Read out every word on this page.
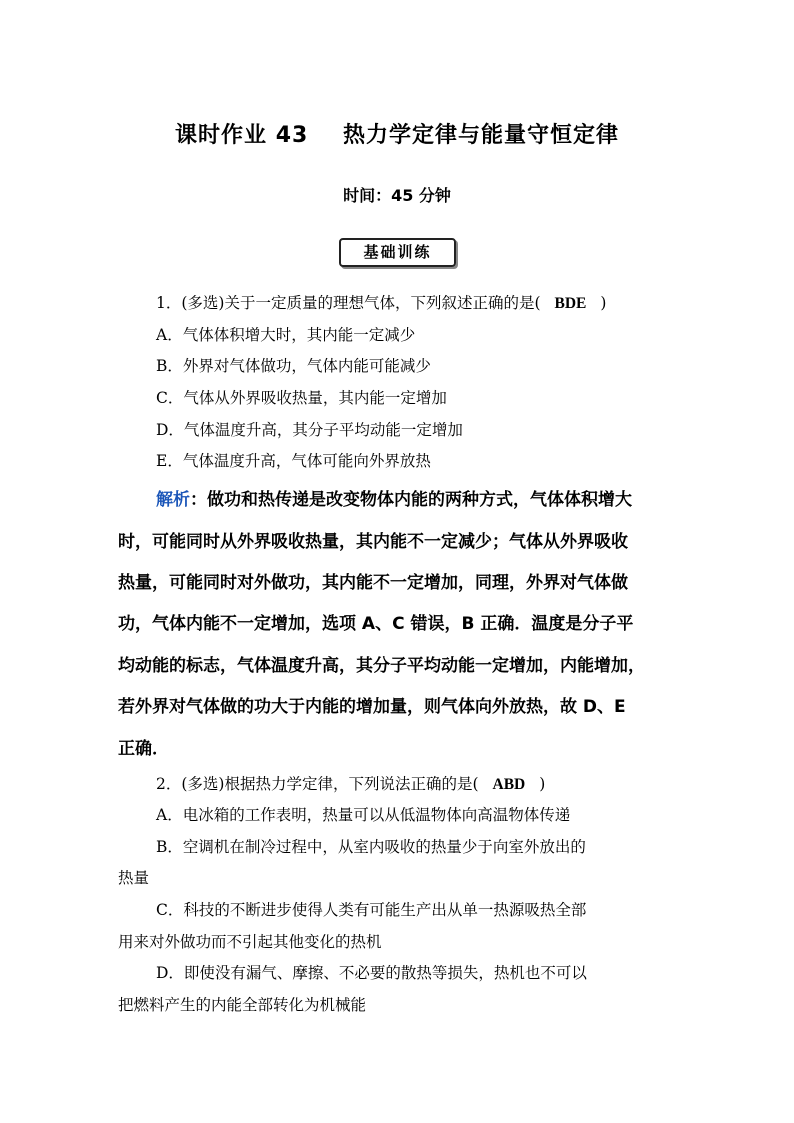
课时作业 43    热力学定律与能量守恒定律
时间：45 分钟
基础训练
1．(多选)关于一定质量的理想气体，下列叙述正确的是( BDE )
A．气体体积增大时，其内能一定减少
B．外界对气体做功，气体内能可能减少
C．气体从外界吸收热量，其内能一定增加
D．气体温度升高，其分子平均动能一定增加
E．气体温度升高，气体可能向外界放热
解析：做功和热传递是改变物体内能的两种方式，气体体积增大
时，可能同时从外界吸收热量，其内能不一定减少；气体从外界吸收
热量，可能同时对外做功，其内能不一定增加，同理，外界对气体做
功，气体内能不一定增加，选项 A、C 错误，B 正确．温度是分子平
均动能的标志，气体温度升高，其分子平均动能一定增加，内能增加，
若外界对气体做的功大于内能的增加量，则气体向外放热，故 D、E
正确．
2．(多选)根据热力学定律，下列说法正确的是( ABD )
A．电冰箱的工作表明，热量可以从低温物体向高温物体传递
B．空调机在制冷过程中，从室内吸收的热量少于向室外放出的
热量
C．科技的不断进步使得人类有可能生产出从单一热源吸热全部
用来对外做功而不引起其他变化的热机
D．即使没有漏气、摩擦、不必要的散热等损失，热机也不可以
把燃料产生的内能全部转化为机械能
